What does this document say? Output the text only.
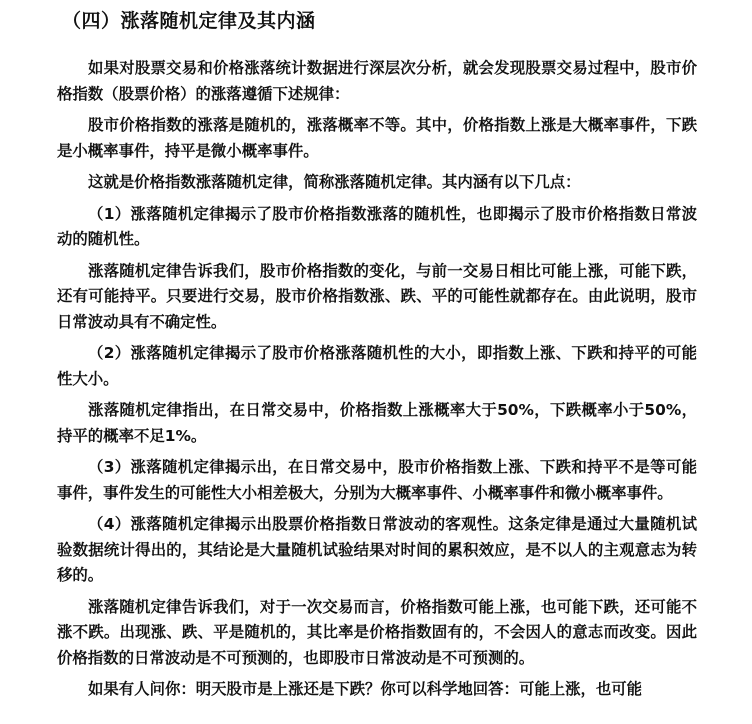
（四）涨落随机定律及其内涵

如果对股票交易和价格涨落统计数据进行深层次分析，就会发现股票交易过程中，股市价格指数（股票价格）的涨落遵循下述规律：

股市价格指数的涨落是随机的，涨落概率不等。其中，价格指数上涨是大概率事件，下跌是小概率事件，持平是微小概率事件。

这就是价格指数涨落随机定律，简称涨落随机定律。其内涵有以下几点：

（1）涨落随机定律揭示了股市价格指数涨落的随机性，也即揭示了股市价格指数日常波动的随机性。

涨落随机定律告诉我们，股市价格指数的变化，与前一交易日相比可能上涨，可能下跌，还有可能持平。只要进行交易，股市价格指数涨、跌、平的可能性就都存在。由此说明，股市日常波动具有不确定性。

（2）涨落随机定律揭示了股市价格涨落随机性的大小，即指数上涨、下跌和持平的可能性大小。

涨落随机定律指出，在日常交易中，价格指数上涨概率大于50%，下跌概率小于50%，持平的概率不足1%。

（3）涨落随机定律揭示出，在日常交易中，股市价格指数上涨、下跌和持平不是等可能事件，事件发生的可能性大小相差极大，分别为大概率事件、小概率事件和微小概率事件。

（4）涨落随机定律揭示出股票价格指数日常波动的客观性。这条定律是通过大量随机试验数据统计得出的，其结论是大量随机试验结果对时间的累积效应，是不以人的主观意志为转移的。

涨落随机定律告诉我们，对于一次交易而言，价格指数可能上涨，也可能下跌，还可能不涨不跌。出现涨、跌、平是随机的，其比率是价格指数固有的，不会因人的意志而改变。因此价格指数的日常波动是不可预测的，也即股市日常波动是不可预测的。

如果有人问你：明天股市是上涨还是下跌？你可以科学地回答：可能上涨，也可能
